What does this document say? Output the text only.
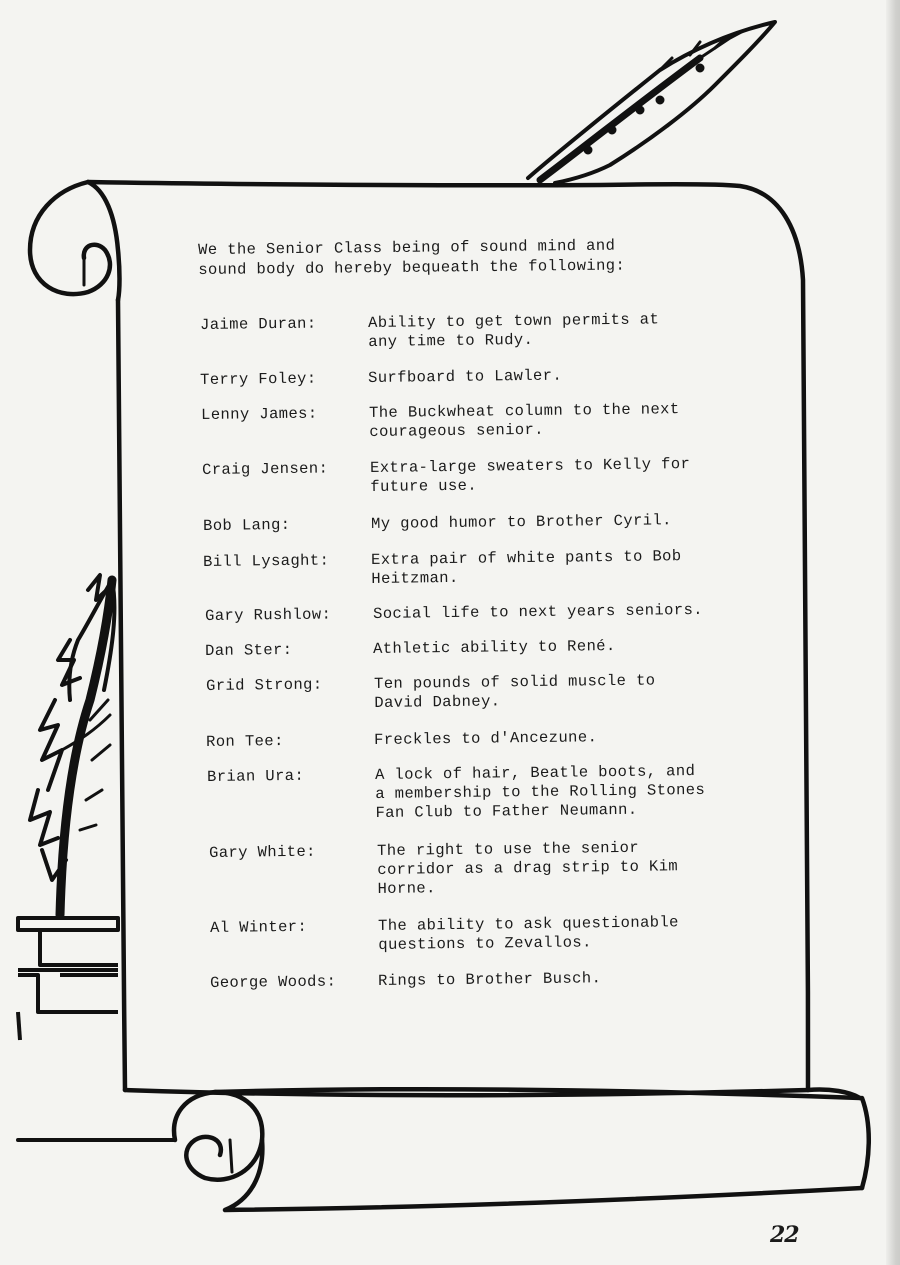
We the Senior Class being of sound mind and
sound body do hereby bequeath the following:

Jaime Duran:	Ability to get town permits at
any time to Rudy.
Terry Foley:	Surfboard to Lawler.
Lenny James:	The Buckwheat column to the next
courageous senior.
Craig Jensen:	Extra-large sweaters to Kelly for
future use.
Bob Lang:	My good humor to Brother Cyril.
Bill Lysaght:	Extra pair of white pants to Bob
Heitzman.
Gary Rushlow:	Social life to next years seniors.
Dan Ster:	Athletic ability to René.
Grid Strong:	Ten pounds of solid muscle to
David Dabney.
Ron Tee:	Freckles to d'Ancezune.
Brian Ura:	A lock of hair, Beatle boots, and
a membership to the Rolling Stones
Fan Club to Father Neumann.
Gary White:	The right to use the senior
corridor as a drag strip to Kim
Horne.
Al Winter:	The ability to ask questionable
questions to Zevallos.
George Woods:	Rings to Brother Busch.
22
